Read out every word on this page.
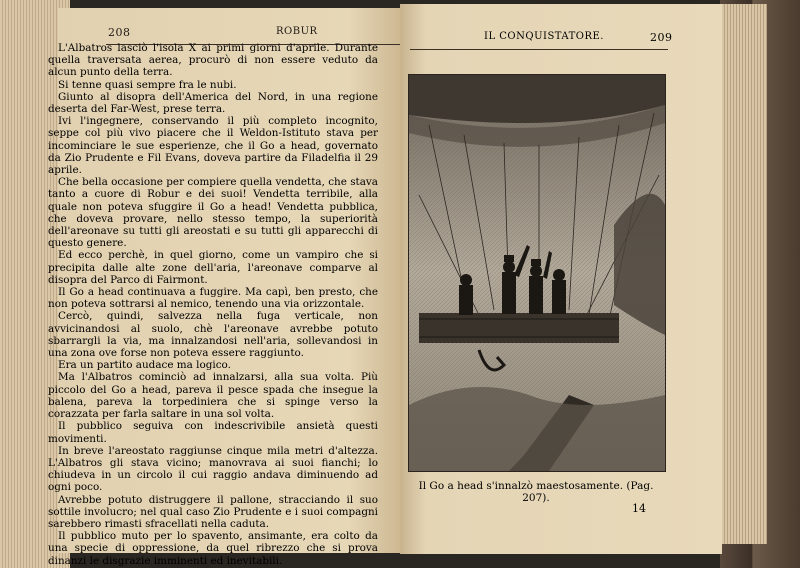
208	ROBUR

L'Albatros lasciò l'isola X ai primi giorni d'aprile. Durante quella traversata aerea, procurò di non essere veduto da alcun punto della terra.

Si tenne quasi sempre fra le nubi.

Giunto al disopra dell'America del Nord, in una regione deserta del Far-West, prese terra.

Ivi l'ingegnere, conservando il più completo incognito, seppe col più vivo piacere che il Weldon-Istituto stava per incominciare le sue esperienze, che il Go a head, governato da Zio Prudente e Fil Evans, doveva partire da Filadelfia il 29 aprile.

Che bella occasione per compiere quella vendetta, che stava tanto a cuore di Robur e dei suoi! Vendetta terribile, alla quale non poteva sfuggire il Go a head! Vendetta pubblica, che doveva provare, nello stesso tempo, la superiorità dell'areonave su tutti gli areostati e su tutti gli apparecchi di questo genere.

Ed ecco perchè, in quel giorno, come un vampiro che si precipita dalle alte zone dell'aria, l'areonave comparve al disopra del Parco di Fairmont.

Il Go a head continuava a fuggire. Ma capì, ben presto, che non poteva sottrarsi al nemico, tenendo una via orizzontale.

Cercò, quindi, salvezza nella fuga verticale, non avvicinandosi al suolo, chè l'areonave avrebbe potuto sbarrargli la via, ma innalzandosi nell'aria, sollevandosi in una zona ove forse non poteva essere raggiunto.

Era un partito audace ma logico.

Ma l'Albatros cominciò ad innalzarsi, alla sua volta. Più piccolo del Go a head, pareva il pesce spada che insegue la balena, pareva la torpediniera che si spinge verso la corazzata per farla saltare in una sol volta.

Il pubblico seguiva con indescrivibile ansietà questi movimenti.

In breve l'areostato raggiunse cinque mila metri d'altezza. L'Albatros gli stava vicino; manovrava ai suoi fianchi; lo chiudeva in un circolo il cui raggio andava diminuendo ad ogni poco.

Avrebbe potuto distruggere il pallone, stracciando il suo sottile involucro; nel qual caso Zio Prudente e i suoi compagni sarebbero rimasti sfracellati nella caduta.

Il pubblico muto per lo spavento, ansimante, era colto da una specie di oppressione, da quel ribrezzo che si prova dinanzi le disgrazie imminenti ed inevitabili.

IL CONQUISTATORE.	209
Il Go a head s'innalzò maestosamente. (Pag. 207).
14
